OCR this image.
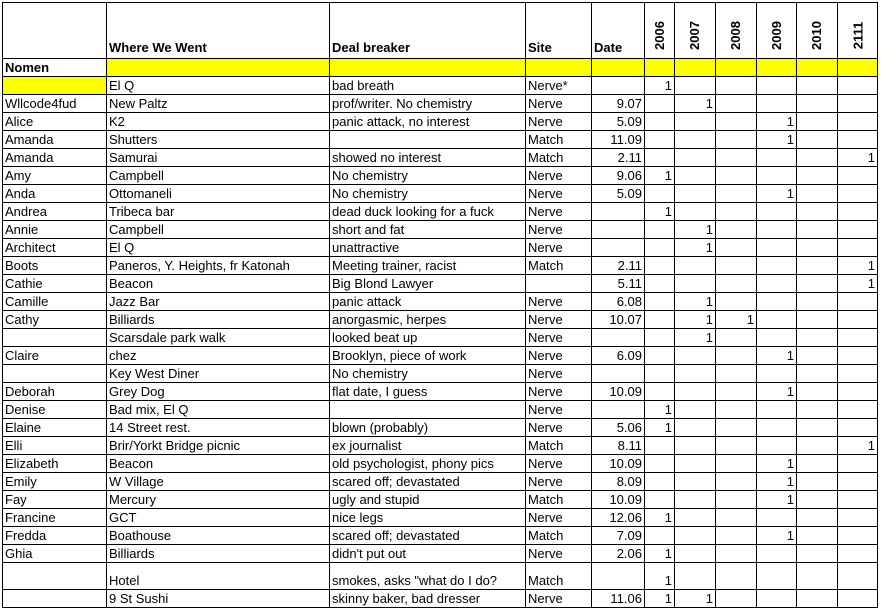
	Where We Went	Deal breaker	Site	Date	2006	2007	2008	2009	2010	2111
Nomen										
	El Q	bad breath	Nerve*		1					
Wllcode4fud	New Paltz	prof/writer. No chemistry	Nerve	9.07		1				
Alice	K2	panic attack, no interest	Nerve	5.09				1		
Amanda	Shutters		Match	11.09				1		
Amanda	Samurai	showed no interest	Match	2.11						1
Amy	Campbell	No chemistry	Nerve	9.06	1					
Anda	Ottomaneli	No chemistry	Nerve	5.09				1		
Andrea	Tribeca bar	dead duck looking for a fuck	Nerve		1					
Annie	Campbell	short and fat	Nerve			1				
Architect	El Q	unattractive	Nerve			1				
Boots	Paneros, Y. Heights, fr Katonah	Meeting trainer, racist	Match	2.11						1
Cathie	Beacon	Big Blond Lawyer		5.11						1
Camille	Jazz Bar	panic attack	Nerve	6.08		1				
Cathy	Billiards	anorgasmic, herpes	Nerve	10.07		1	1			
	Scarsdale park walk	looked beat up	Nerve			1				
Claire	chez	Brooklyn, piece of work	Nerve	6.09				1		
	Key West Diner	No chemistry	Nerve							
Deborah	Grey Dog	flat date, I guess	Nerve	10.09				1		
Denise	Bad mix, El Q		Nerve		1					
Elaine	14 Street rest.	blown (probably)	Nerve	5.06	1					
Elli	Brir/Yorkt Bridge picnic	ex journalist	Match	8.11						1
Elizabeth	Beacon	old psychologist, phony pics	Nerve	10.09				1		
Emily	W Village	scared off; devastated	Nerve	8.09				1		
Fay	Mercury	ugly and stupid	Match	10.09				1		
Francine	GCT	nice legs	Nerve	12.06	1					
Fredda	Boathouse	scared off; devastated	Match	7.09				1		
Ghia	Billiards	didn't put out	Nerve	2.06	1					
	Hotel	smokes, asks "what do I do?	Match		1					
	9 St Sushi	skinny baker, bad dresser	Nerve	11.06	1	1				
